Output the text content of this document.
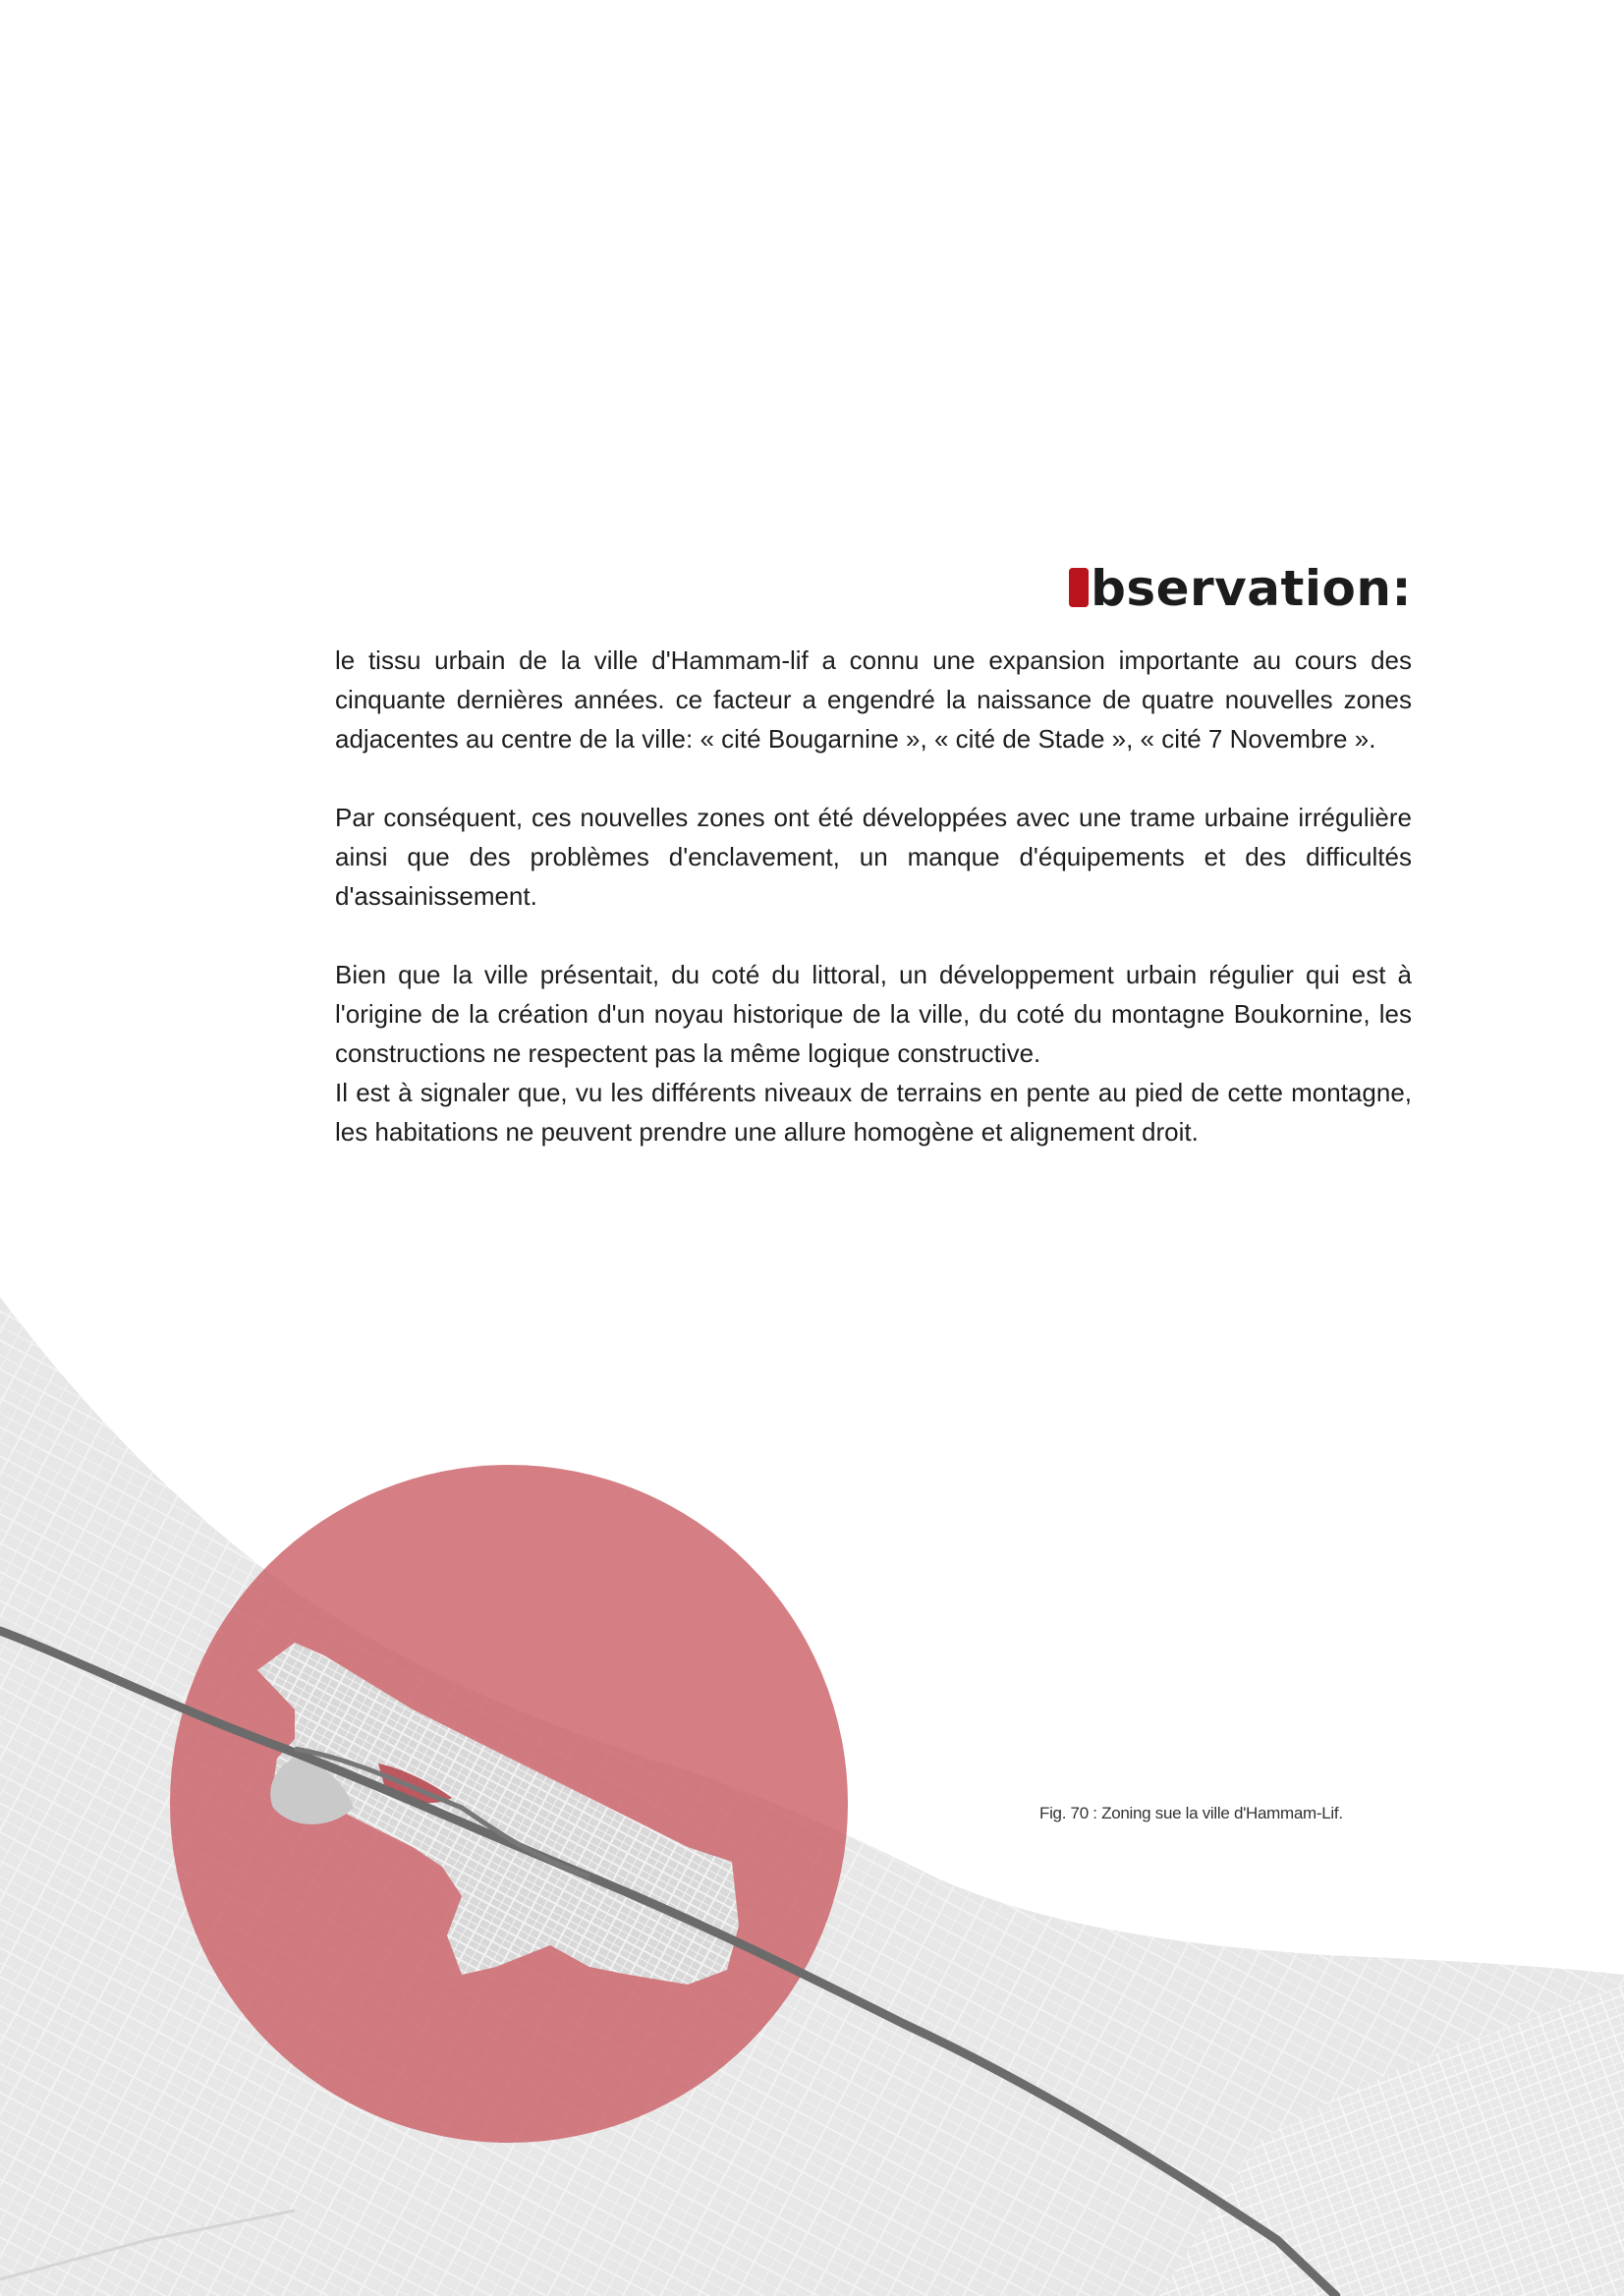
O bservation:

le tissu urbain de la ville d'Hammam-lif a connu une expansion importante au cours des cinquante dernières années. ce facteur a engendré la naissance de quatre nouvelles zones adjacentes au centre de la ville: « cité Bougarnine », « cité de Stade », « cité 7 Novembre ».

Par conséquent, ces nouvelles zones ont été développées avec une trame urbaine irrégulière ainsi que des problèmes d'enclavement, un manque d'équipements et des difficultés d'assainissement.

Bien que la ville présentait, du coté du littoral, un développement urbain régulier qui est à l'origine de la création d'un noyau historique de la ville, du coté du montagne Boukornine, les constructions ne respectent pas la même logique constructive.

Il est à signaler que, vu les différents niveaux de terrains en pente au pied de cette montagne, les habitations ne peuvent prendre une allure homogène et alignement droit.

Fig. 70 : Zoning sue la ville d'Hammam-Lif.
